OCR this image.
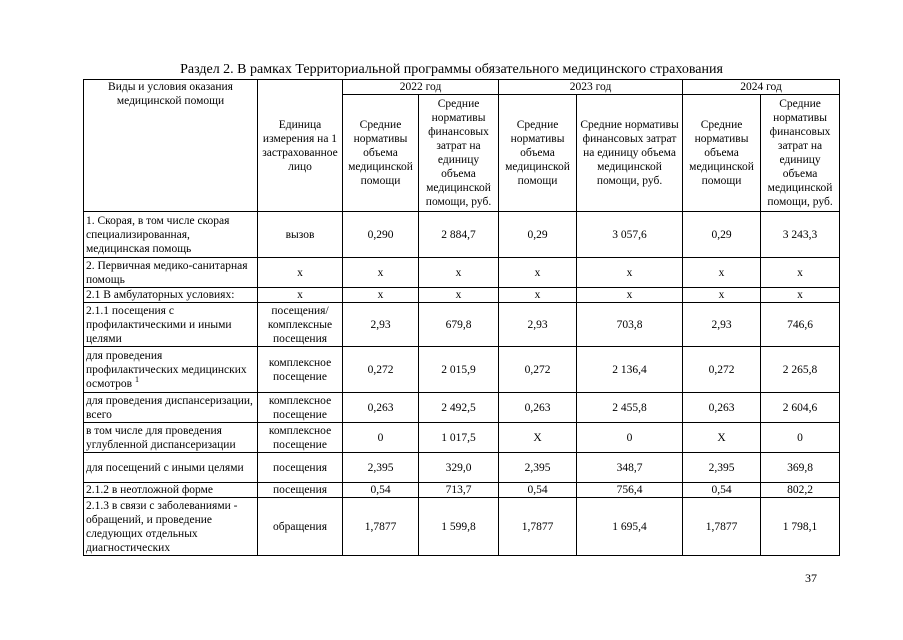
Раздел 2. В рамках Территориальной программы обязательного медицинского страхования
Виды и условия оказания медицинской помощи	Единица измерения на 1 застрахованное лицо	2022 год		2023 год		2024 год	
		Средние нормативы объема медицинской помощи	Средние нормативы финансовых затрат на единицу объема медицинской помощи, руб.	Средние нормативы объема медицинской помощи	Средние нормативы финансовых затрат на единицу объема медицинской помощи, руб.	Средние нормативы объема медицинской помощи	Средние нормативы финансовых затрат на единицу объема медицинской помощи, руб.
1. Скорая, в том числе скорая специализированная, медицинская помощь	вызов	0,290	2 884,7	0,29	3 057,6	0,29	3 243,3
2. Первичная медико-санитарная помощь	х	х	х	х	х	х	х
2.1 В амбулаторных условиях:	х	х	х	х	х	х	х
2.1.1 посещения с профилактическими и иными целями	посещения/ комплексные посещения	2,93	679,8	2,93	703,8	2,93	746,6
для проведения профилактических медицинских осмотров $^1$	комплексное посещение	0,272	2 015,9	0,272	2 136,4	0,272	2 265,8
для проведения диспансеризации, всего	комплексное посещение	0,263	2 492,5	0,263	2 455,8	0,263	2 604,6
в том числе для проведения углубленной диспансеризации	комплексное посещение	0	1 017,5	Х	0	Х	0
для посещений с иными целями	посещения	2,395	329,0	2,395	348,7	2,395	369,8
2.1.2 в неотложной форме	посещения	0,54	713,7	0,54	756,4	0,54	802,2
2.1.3 в связи с заболеваниями - обращений, и проведение следующих отдельных диагностических	обращения	1,7877	1 599,8	1,7877	1 695,4	1,7877	1 798,1
37
